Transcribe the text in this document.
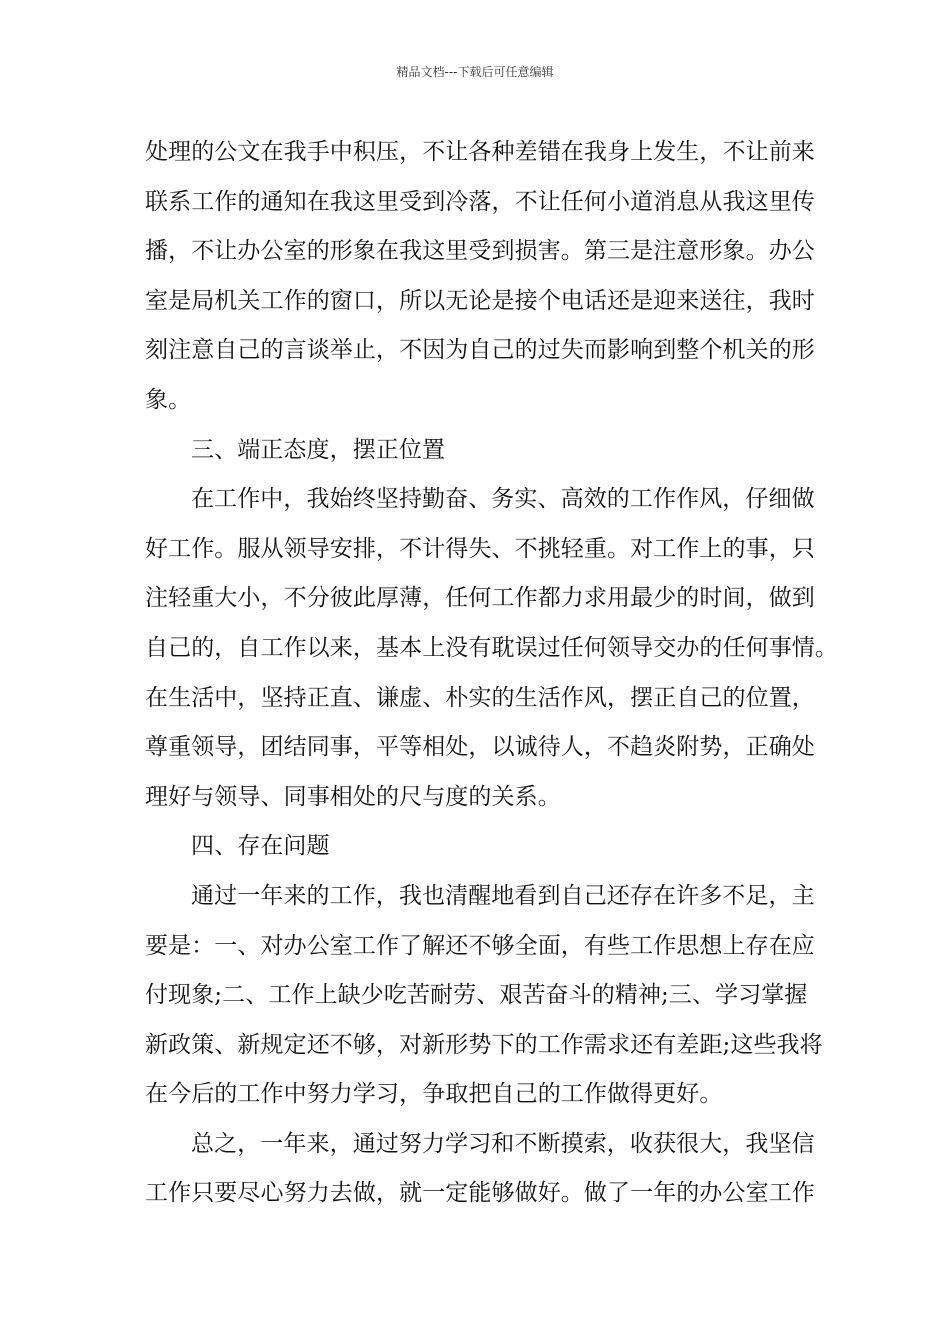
精品文档---下载后可任意编辑
处理的公文在我手中积压，不让各种差错在我身上发生，不让前来
联系工作的通知在我这里受到冷落，不让任何小道消息从我这里传
播，不让办公室的形象在我这里受到损害。第三是注意形象。办公
室是局机关工作的窗口，所以无论是接个电话还是迎来送往，我时
刻注意自己的言谈举止，不因为自己的过失而影响到整个机关的形
象。
三、端正态度，摆正位置
在工作中，我始终坚持勤奋、务实、高效的工作作风，仔细做
好工作。服从领导安排，不计得失、不挑轻重。对工作上的事，只
注轻重大小，不分彼此厚薄，任何工作都力求用最少的时间，做到
自己的，自工作以来，基本上没有耽误过任何领导交办的任何事情。
在生活中，坚持正直、谦虚、朴实的生活作风，摆正自己的位置，
尊重领导，团结同事，平等相处，以诚待人，不趋炎附势，正确处
理好与领导、同事相处的尺与度的关系。
四、存在问题
通过一年来的工作，我也清醒地看到自己还存在许多不足，主
要是：一、对办公室工作了解还不够全面，有些工作思想上存在应
付现象;二、工作上缺少吃苦耐劳、艰苦奋斗的精神;三、学习掌握
新政策、新规定还不够，对新形势下的工作需求还有差距;这些我将
在今后的工作中努力学习，争取把自己的工作做得更好。
总之，一年来，通过努力学习和不断摸索，收获很大，我坚信
工作只要尽心努力去做，就一定能够做好。做了一年的办公室工作
